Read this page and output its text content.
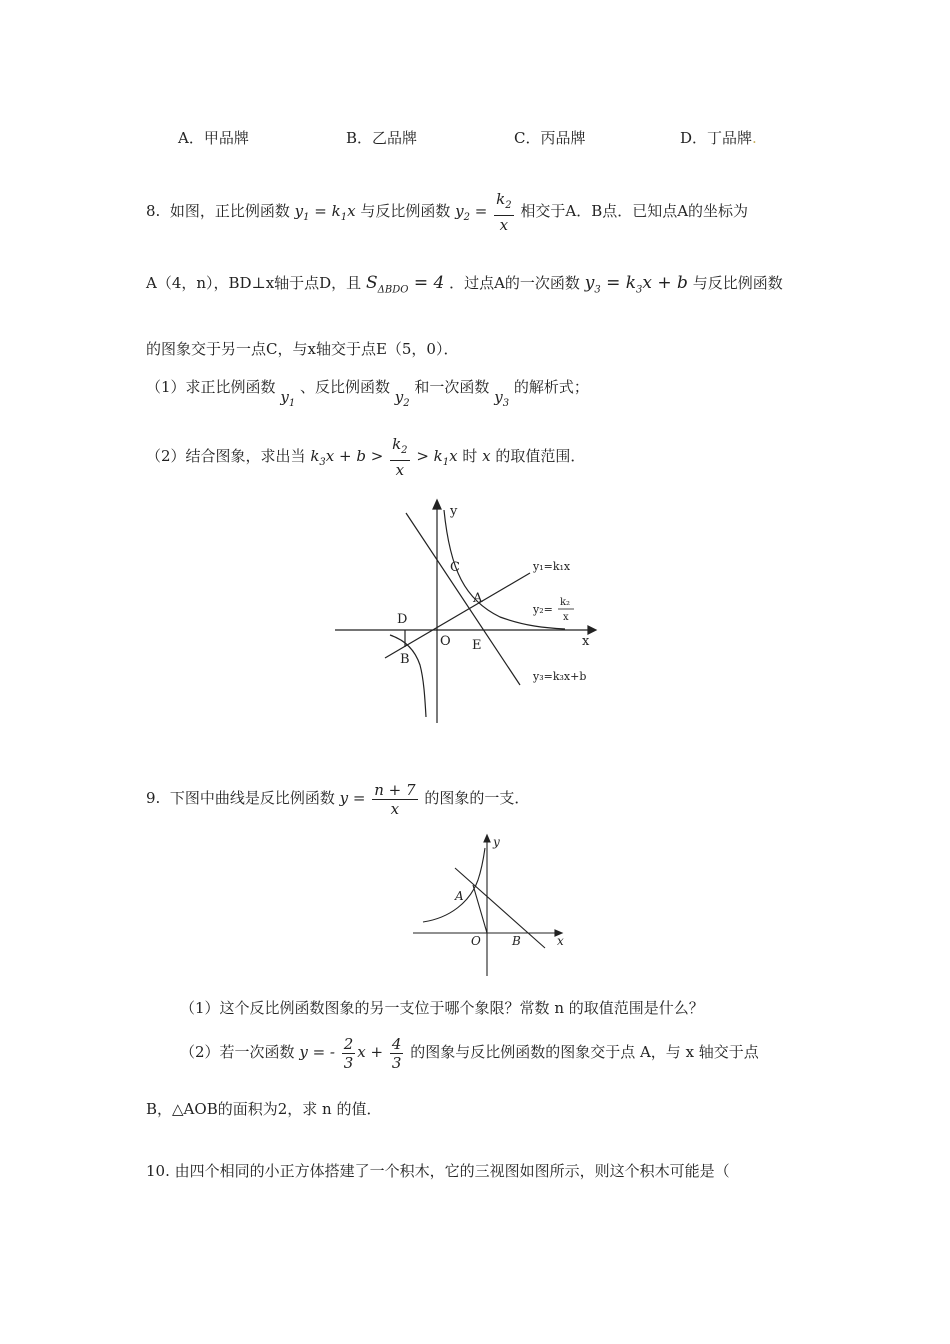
A．甲品牌	B．乙品牌	C．丙品牌	D．丁品牌.
8. 如图，正比例函数 $y_1 = k_1x$ 与反比例函数 $y_2 = \frac{k_2}{x}$ 相交于A．B点．已知点A的坐标为
A（4，n），BD⊥x轴于点D，且 $S_{\Delta BDO} = 4$ ．过点A的一次函数 $y_3 = k_3x + b$ 与反比例函数
的图象交于另一点C，与x轴交于点E（5，0）．
（1）求正比例函数 $y_1$ 、反比例函数 $y_2$ 和一次函数 $y_3$ 的解析式；
（2）结合图象，求出当 $k_3x + b > \frac{k_2}{x} > k_1x$ 时 x 的取值范围．
y
x
C
A
D
B
O E
y₁=k₁x
y₂=
k₂
x
y₃=k₃x+b
9. 下图中曲线是反比例函数 $y = \frac{n + 7}{x}$ 的图象的一支．
y
x
A
O	B
（1）这个反比例函数图象的另一支位于哪个象限？常数 n 的取值范围是什么？
（2）若一次函数 y = - $\frac{2}{3}$ $x + \frac{4}{3}$ 的图象与反比例函数的图象交于点 A，与 x 轴交于点
B，△AOB的面积为2，求 n 的值．
10. 由四个相同的小正方体搭建了一个积木，它的三视图如图所示，则这个积木可能是（
